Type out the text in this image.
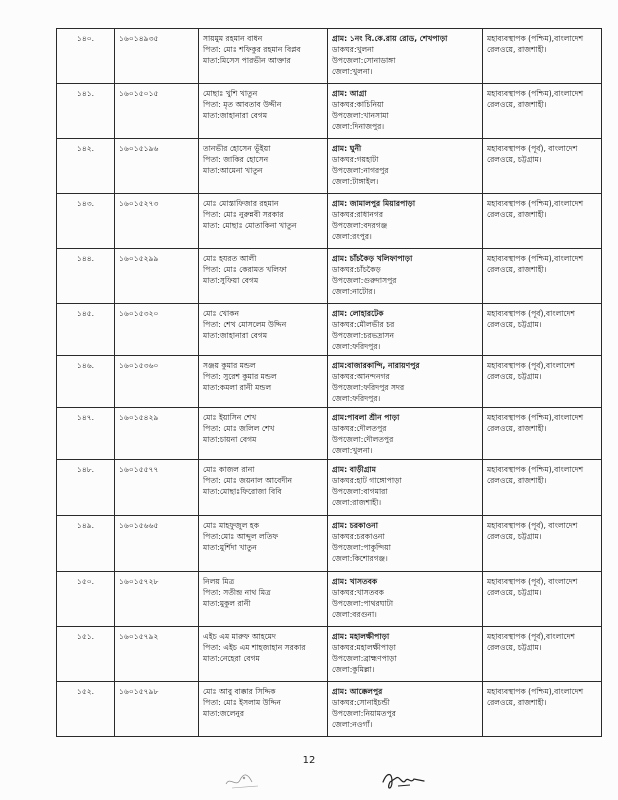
১৪০.	১৬০১৪৯৩৫	সায়মুম রহমান বাধন
পিতা: মোঃ শফিকুর রহমান বিপ্লব
মাতা:মিসেস পারভীন আক্তার	গ্রাম: ১নং বি.কে.রায় রোড, শেখপাড়া
ডাকঘর:খুলনা
উপজেলা:সোনাডাঙ্গা
জেলা:খুলনা।	মহাব্যবস্থাপক (পশ্চিম),বাংলাদেশ
রেলওয়ে, রাজশাহী।

১৪১.	১৬০১৫০১৫	মোছাঃ খুশি খাতুন
পিতা: মৃত আবতাব উদ্দীন
মাতা:জাহানারা বেগম	গ্রাম: আগ্রা
ডাকঘর:কাচিনিয়া
উপজেলা:খানসামা
জেলা:দিনাজপুর।	মহাব্যবস্থাপক (পশ্চিম),বাংলাদেশ
রেলওয়ে, রাজশাহী।

১৪২.	১৬০১৫১৯৬	তানভীর হোসেন ভূঁইয়া
পিতা: জাকির হোসেন
মাতা:আমেনা খাতুন	গ্রাম: ঘুনী
ডাকঘর:গয়হাটা
উপজেলা:নাগরপুর
জেলা:টাঙ্গাইল।	মহাব্যবস্থাপক (পূর্ব), বাংলাদেশ
রেলওয়ে, চট্টগ্রাম।

১৪৩.	১৬০১৫২৭৩	মোঃ মোস্তাফিজার রহমান
পিতা: মোঃ নুরুন্নবী সরকার
মাতা: মোছাঃ মোতাকিনা খাতুন	গ্রাম: জামালপুর মিয়ারপাড়া
ডাকঘর:রাধানগর
উপজেলা:বদরগঞ্জ
জেলা:রংপুর।	মহাব্যবস্থাপক (পশ্চিম),বাংলাদেশ
রেলওয়ে, রাজশাহী।

১৪৪.	১৬০১৫২৯৯	মোঃ হযরত আলী
পিতা: মোঃ কেরামত খলিফা
মাতা:সুফিয়া বেগম	গ্রাম: চাঁচকৈড় খলিফাপাড়া
ডাকঘর:চাঁচকৈড়
উপজেলা:গুরুদাসপুর
জেলা:নাটোর।	মহাব্যবস্থাপক (পশ্চিম),বাংলাদেশ
রেলওয়ে, রাজশাহী।

১৪৫.	১৬০১৫৩২০	মোঃ খোকন
পিতা: শেখ মোসলেম উদ্দিন
মাতা:জাহানারা বেগম	গ্রাম: লোহারটেক
ডাকঘর:মৌলভীর চর
উপজেলা:চরভদ্রাসন
জেলা:ফরিদপুর।	মহাব্যবস্থাপক (পূর্ব),বাংলাদেশ
রেলওয়ে, চট্টগ্রাম।

১৪৬.	১৬০১৫৩৬০	সঞ্জয় কুমার মন্ডল
পিতা: সুরেশ কুমার মন্ডল
মাতা:কমলা রানী মন্ডল	গ্রাম:বাজারকান্দি, নারায়ণপুর
ডাকঘর:আনন্দনগর
উপজেলা:ফরিদপুর সদর
জেলা:ফরিদপুর।	মহাব্যবস্থাপক (পূর্ব),বাংলাদেশ
রেলওয়ে, চট্টগ্রাম।

১৪৭.	১৬০১৫৪২৯	মোঃ ইয়াসিন শেখ
পিতা: মোঃ জলিল শেখ
মাতা:চায়না বেগম	গ্রাম:পাবলা শ্রীন পাড়া
ডাকঘর:দৌলতপুর
উপজেলা:দৌলতপুর
জেলা:খুলনা।	মহাব্যবস্থাপক (পশ্চিম),বাংলাদেশ
রেলওয়ে, রাজশাহী।

১৪৮.	১৬০১৫৫৭৭	মোঃ কাজল রানা
পিতা: মোঃ জয়নাল আবেদীন
মাতা:মোছাঃফিরোজা বিবি	গ্রাম: বাড়ীগ্রাম
ডাকঘর:হাট গাঙ্গোপাড়া
উপজেলা:বাগমারা
জেলা:রাজশাহী।	মহাব্যবস্থাপক (পশ্চিম),বাংলাদেশ
রেলওয়ে, রাজশাহী।

১৪৯.	১৬০১৫৬৬৫	মোঃ মাহফুজুল হক
পিতা:মোঃ আব্দুল লতিফ
মাতা:মুর্শিদা খাতুন	গ্রাম: চরকাওনা
ডাকঘর:চরকাওনা
উপজেলা:পাকুন্দিয়া
জেলা:কিশোরগঞ্জ।	মহাব্যবস্থাপক (পূর্ব), বাংলাদেশ
রেলওয়ে, চট্টগ্রাম।

১৫০.	১৬০১৫৭২৮	নিলয় মিত্র
পিতা: সতীন্দ্র নাথ মিত্র
মাতা:মুকুল রানী	গ্রাম: খাসতবক
ডাকঘর:খাসতবক
উপজেলা:পাথরঘাটা
জেলা:বরগুনা।	মহাব্যবস্থাপক (পূর্ব), বাংলাদেশ
রেলওয়ে, চট্টগ্রাম।

১৫১.	১৬০১৫৭৯২	এইচ এম মারুফ আহমেদ
পিতা: এইচ এম শাহজাহান সরকার
মাতা:নেহেরা বেগম	গ্রাম: মহালক্ষীপাড়া
ডাকঘর:মহালক্ষীপাড়া
উপজেলা:ব্রাহ্মণপাড়া
জেলা:কুমিল্লা।	মহাব্যবস্থাপক (পূর্ব),বাংলাদেশ
রেলওয়ে, চট্টগ্রাম।

১৫২.	১৬০১৫৭৯৮	মোঃ আবু বাক্কার সিদ্দিক
পিতা: মোঃ ইসলাম উদ্দিন
মাতা:জলেনুর	গ্রাম: আক্কেলপুর
ডাকঘর:সোনাইচন্ডী
উপজেলা:নিয়ামতপুর
জেলা:নওগাঁ।	মহাব্যবস্থাপক (পশ্চিম),বাংলাদেশ
রেলওয়ে, রাজশাহী।
12
